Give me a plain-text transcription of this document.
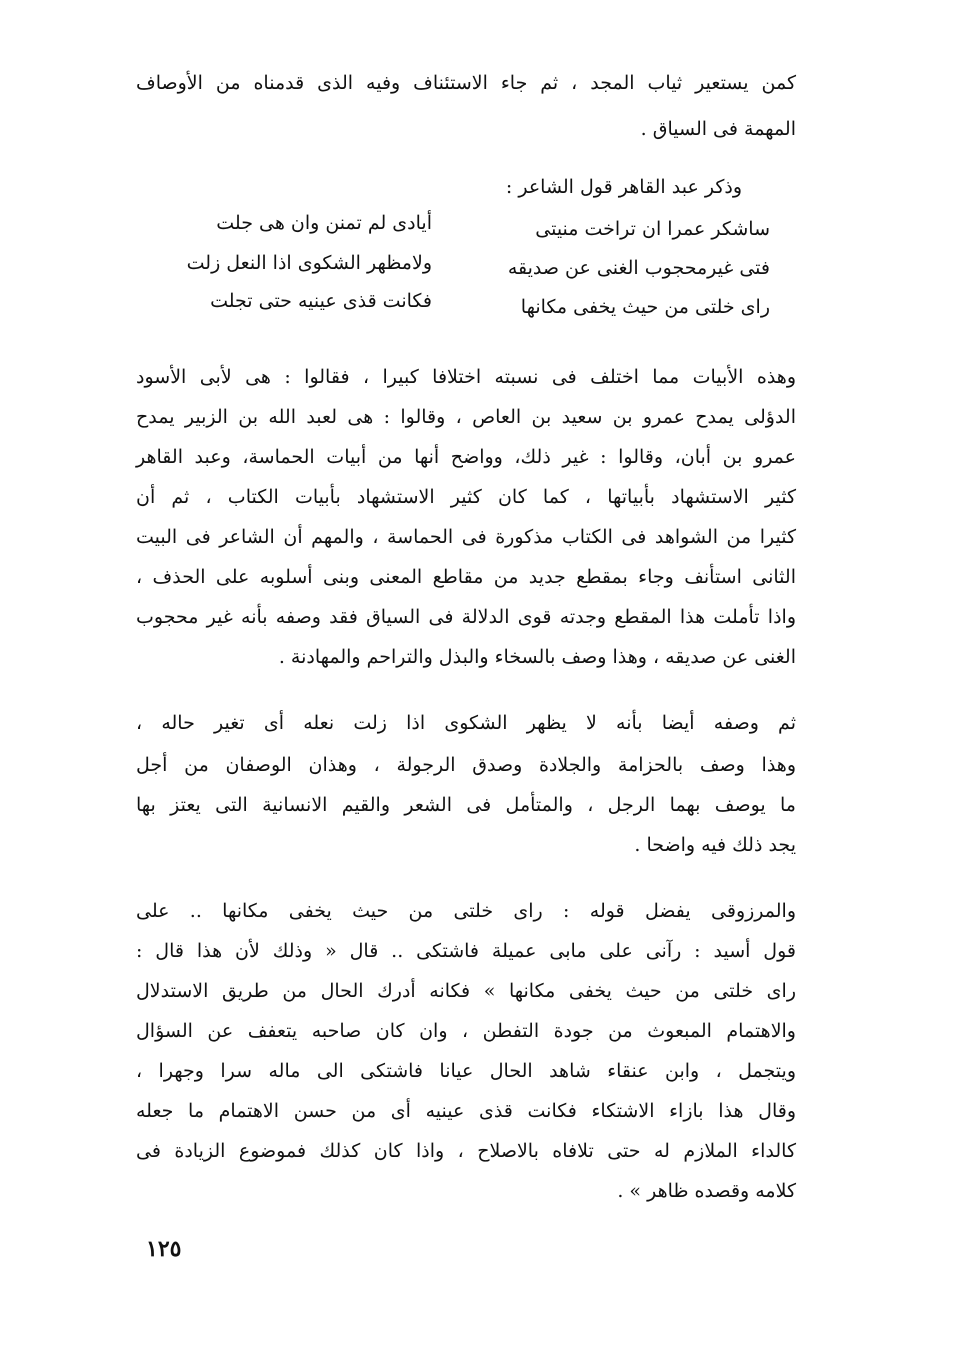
كمن يستعير ثياب المجد ، ثم جاء الاستئناف وفيه الذى قدمناه من الأوصاف
المهمة فى السياق .
وذكر عبد القاهر قول الشاعر :
ساشكر عمرا ان تراخت منيتى
أيادى لم تمنن وان هى جلت
فتى غيرمحجوب الغنى عن صديقه
ولامظهر الشكوى اذا النعل زلت
راى خلتى من حيث يخفى مكانها
فكانت قذى عينيه حتى تجلت
وهذه الأبيات مما اختلف فى نسبته اختلافا كبيرا ، فقالوا : هى لأبى الأسود
الدؤلى يمدح عمرو بن سعيد بن العاص ، وقالوا : هى لعبد الله بن الزبير يمدح
عمرو بن أبان، وقالوا : غير ذلك، وواضح أنها من أبيات الحماسة، وعبد القاهر
كثير الاستشهاد بأبياتها ، كما كان كثير الاستشهاد بأبيات الكتاب ، ثم أن
كثيرا من الشواهد فى الكتاب مذكورة فى الحماسة ، والمهم أن الشاعر فى البيت
الثانى استأنف وجاء بمقطع جديد من مقاطع المعنى وبنى أسلوبه على الحذف ،
واذا تأملت هذا المقطع وجدته قوى الدلالة فى السياق فقد وصفه بأنه غير محجوب
الغنى عن صديقه ، وهذا وصف بالسخاء والبذل والتراحم والمهادنة .
ثم وصفه أيضا بأنه لا يظهر الشكوى اذا زلت نعله أى تغير حاله ،
وهذا وصف بالحزامة والجلادة وصدق الرجولة ، وهذان الوصفان من أجل
ما يوصف بهما الرجل ، والمتأمل فى الشعر والقيم الانسانية التى يعتز بها
يجد ذلك فيه واضحا .
والمرزوقى يفضل قوله : راى خلتى من حيث يخفى مكانها .. على
قول أسيد : رآنى على مابى عميلة فاشتكى .. قال « وذلك لأن هذا قال :
راى خلتى من حيث يخفى مكانها » فكانه أدرك الحال من طريق الاستدلال
والاهتمام المبعوث من جودة التفطن ، وان كان صاحبه يتعفف عن السؤال
ويتجمل ، وابن عنقاء شاهد الحال عيانا فاشتكى الى ماله سرا وجهرا ،
وقال هذا بازاء الاشتكاء فكانت قذى عينيه أى من حسن الاهتمام ما جعله
كالداء الملازم له حتى تلافاه بالاصلاح ، واذا كان كذلك فموضوع الزيادة فى
كلامه وقصده ظاهر » .
١٢٥
